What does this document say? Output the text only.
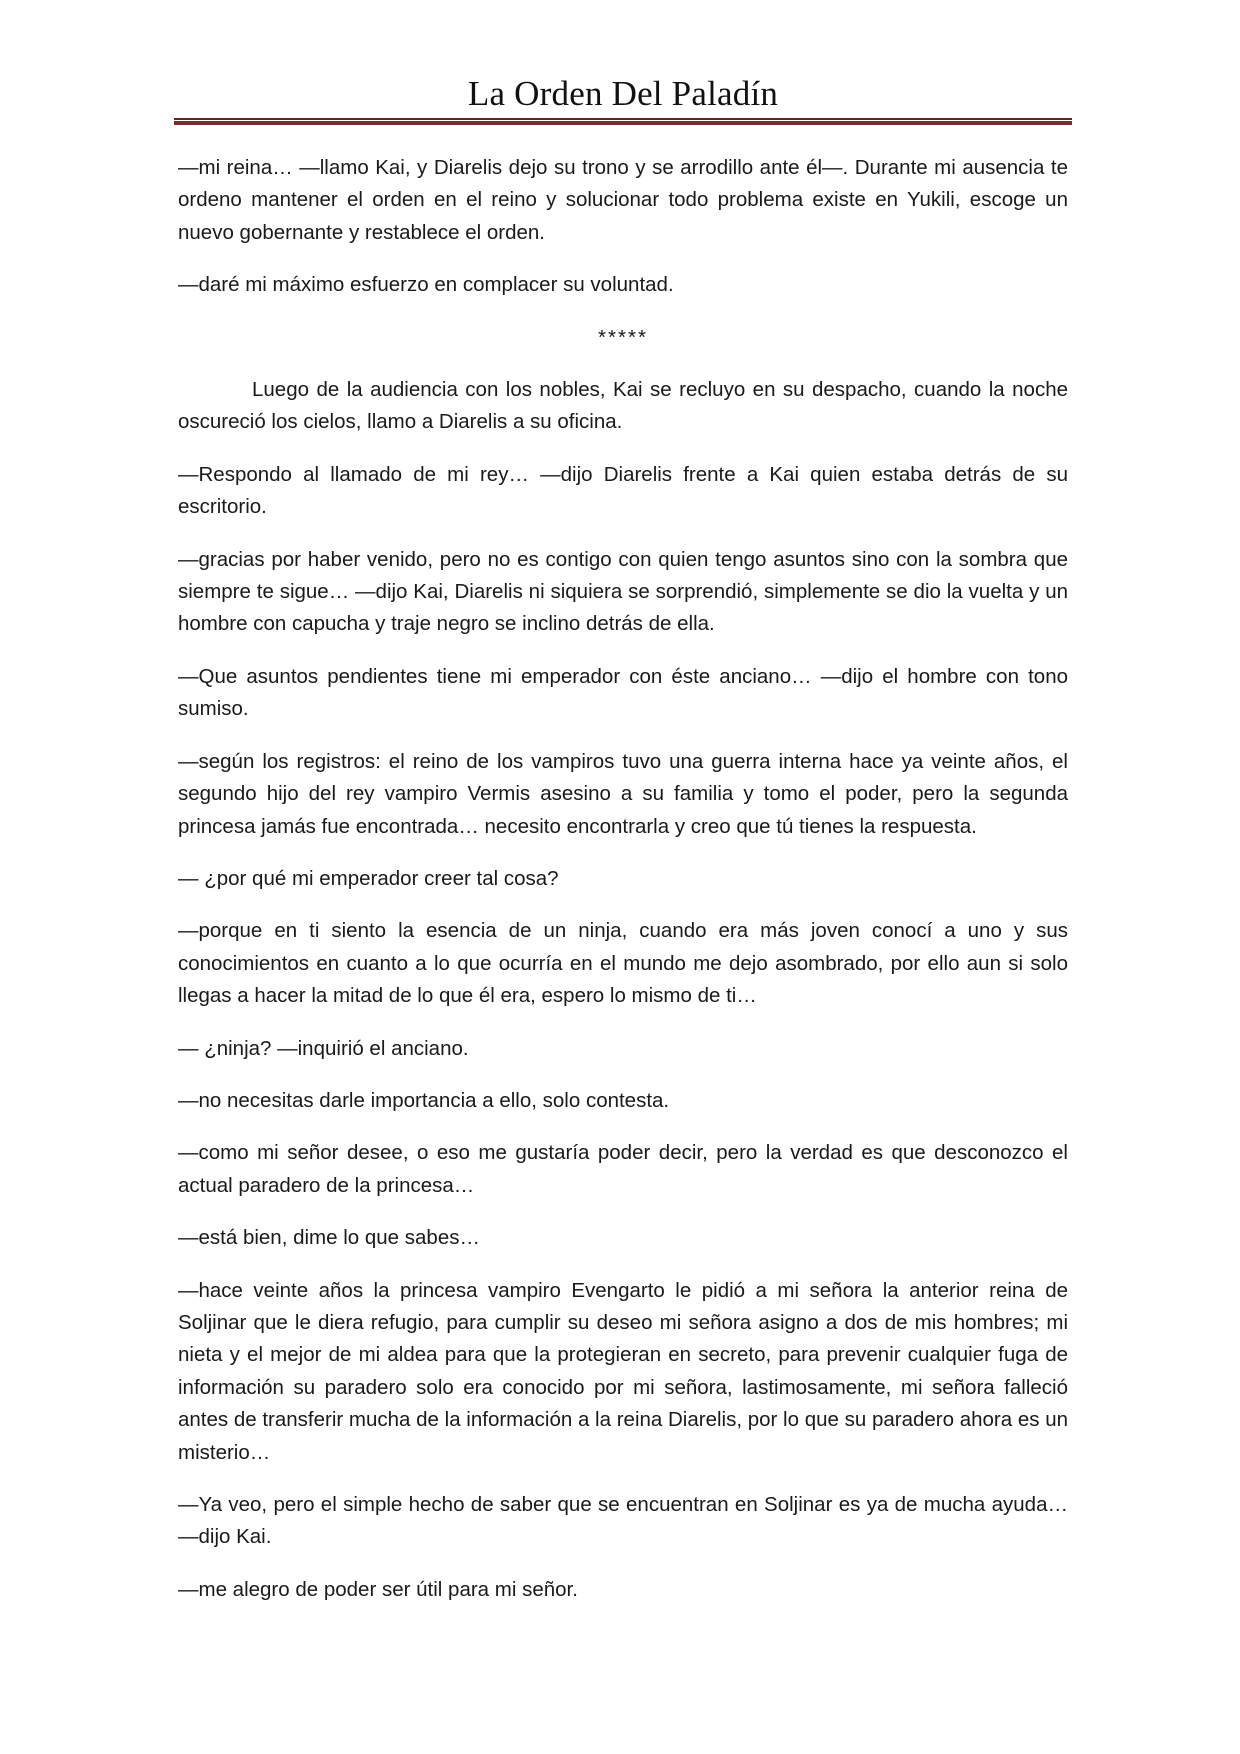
La Orden Del Paladín

—mi reina… —llamo Kai, y Diarelis dejo su trono y se arrodillo ante él—. Durante mi ausencia te ordeno mantener el orden en el reino y solucionar todo problema existe en Yukili, escoge un nuevo gobernante y restablece el orden.

—daré mi máximo esfuerzo en complacer su voluntad.

*****

Luego de la audiencia con los nobles, Kai se recluyo en su despacho, cuando la noche oscureció los cielos, llamo a Diarelis a su oficina.

—Respondo al llamado de mi rey… —dijo Diarelis frente a Kai quien estaba detrás de su escritorio.

—gracias por haber venido, pero no es contigo con quien tengo asuntos sino con la sombra que siempre te sigue… —dijo Kai, Diarelis ni siquiera se sorprendió, simplemente se dio la vuelta y un hombre con capucha y traje negro se inclino detrás de ella.

—Que asuntos pendientes tiene mi emperador con éste anciano… —dijo el hombre con tono sumiso.

—según los registros: el reino de los vampiros tuvo una guerra interna hace ya veinte años, el segundo hijo del rey vampiro Vermis asesino a su familia y tomo el poder, pero la segunda princesa jamás fue encontrada… necesito encontrarla y creo que tú tienes la respuesta.

— ¿por qué mi emperador creer tal cosa?

—porque en ti siento la esencia de un ninja, cuando era más joven conocí a uno y sus conocimientos en cuanto a lo que ocurría en el mundo me dejo asombrado, por ello aun si solo llegas a hacer la mitad de lo que él era, espero lo mismo de ti…

— ¿ninja? —inquirió el anciano.

—no necesitas darle importancia a ello, solo contesta.

—como mi señor desee, o eso me gustaría poder decir, pero la verdad es que desconozco el actual paradero de la princesa…

—está bien, dime lo que sabes…

—hace veinte años la princesa vampiro Evengarto le pidió a mi señora la anterior reina de Soljinar que le diera refugio, para cumplir su deseo mi señora asigno a dos de mis hombres; mi nieta y el mejor de mi aldea para que la protegieran en secreto, para prevenir cualquier fuga de información su paradero solo era conocido por mi señora, lastimosamente, mi señora falleció antes de transferir mucha de la información a la reina Diarelis, por lo que su paradero ahora es un misterio…

—Ya veo, pero el simple hecho de saber que se encuentran en Soljinar es ya de mucha ayuda… —dijo Kai.

—me alegro de poder ser útil para mi señor.
